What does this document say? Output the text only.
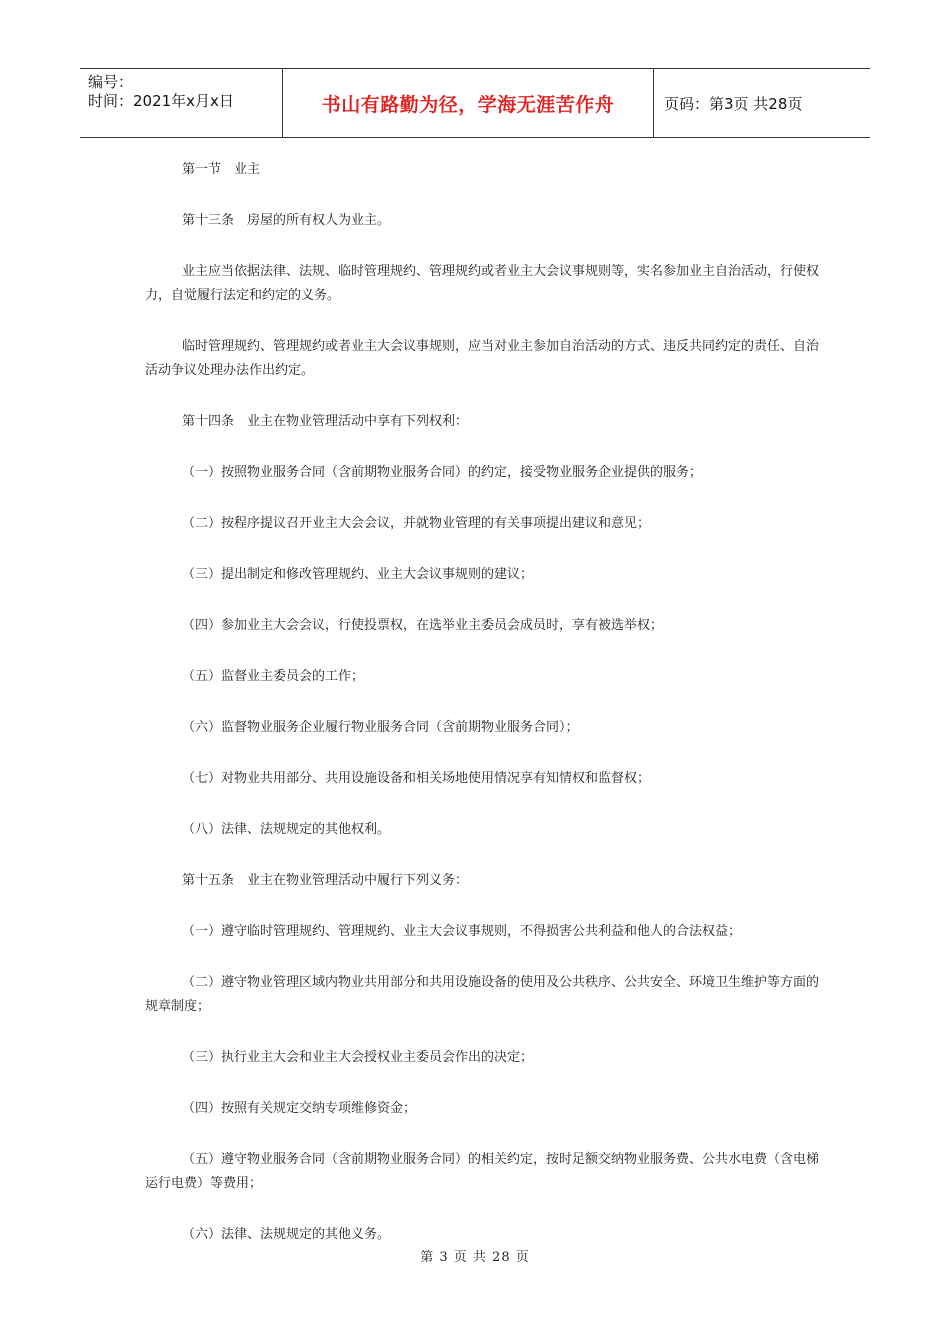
编号：
时间：2021年x月x日	书山有路勤为径，学海无涯苦作舟	页码：第3页 共28页

第一节　业主

第十三条　房屋的所有权人为业主。

业主应当依据法律、法规、临时管理规约、管理规约或者业主大会议事规则等，实名参加业主自治活动，行使权力，自觉履行法定和约定的义务。

临时管理规约、管理规约或者业主大会议事规则，应当对业主参加自治活动的方式、违反共同约定的责任、自治活动争议处理办法作出约定。

第十四条　业主在物业管理活动中享有下列权利：

（一）按照物业服务合同（含前期物业服务合同）的约定，接受物业服务企业提供的服务；

（二）按程序提议召开业主大会会议，并就物业管理的有关事项提出建议和意见；

（三）提出制定和修改管理规约、业主大会议事规则的建议；

（四）参加业主大会会议，行使投票权，在选举业主委员会成员时，享有被选举权；

（五）监督业主委员会的工作；

（六）监督物业服务企业履行物业服务合同（含前期物业服务合同）；

（七）对物业共用部分、共用设施设备和相关场地使用情况享有知情权和监督权；

（八）法律、法规规定的其他权利。

第十五条　业主在物业管理活动中履行下列义务：

（一）遵守临时管理规约、管理规约、业主大会议事规则，不得损害公共利益和他人的合法权益；

（二）遵守物业管理区域内物业共用部分和共用设施设备的使用及公共秩序、公共安全、环境卫生维护等方面的规章制度；

（三）执行业主大会和业主大会授权业主委员会作出的决定；

（四）按照有关规定交纳专项维修资金；

（五）遵守物业服务合同（含前期物业服务合同）的相关约定，按时足额交纳物业服务费、公共水电费（含电梯运行电费）等费用；

（六）法律、法规规定的其他义务。

第 3 页 共 28 页
